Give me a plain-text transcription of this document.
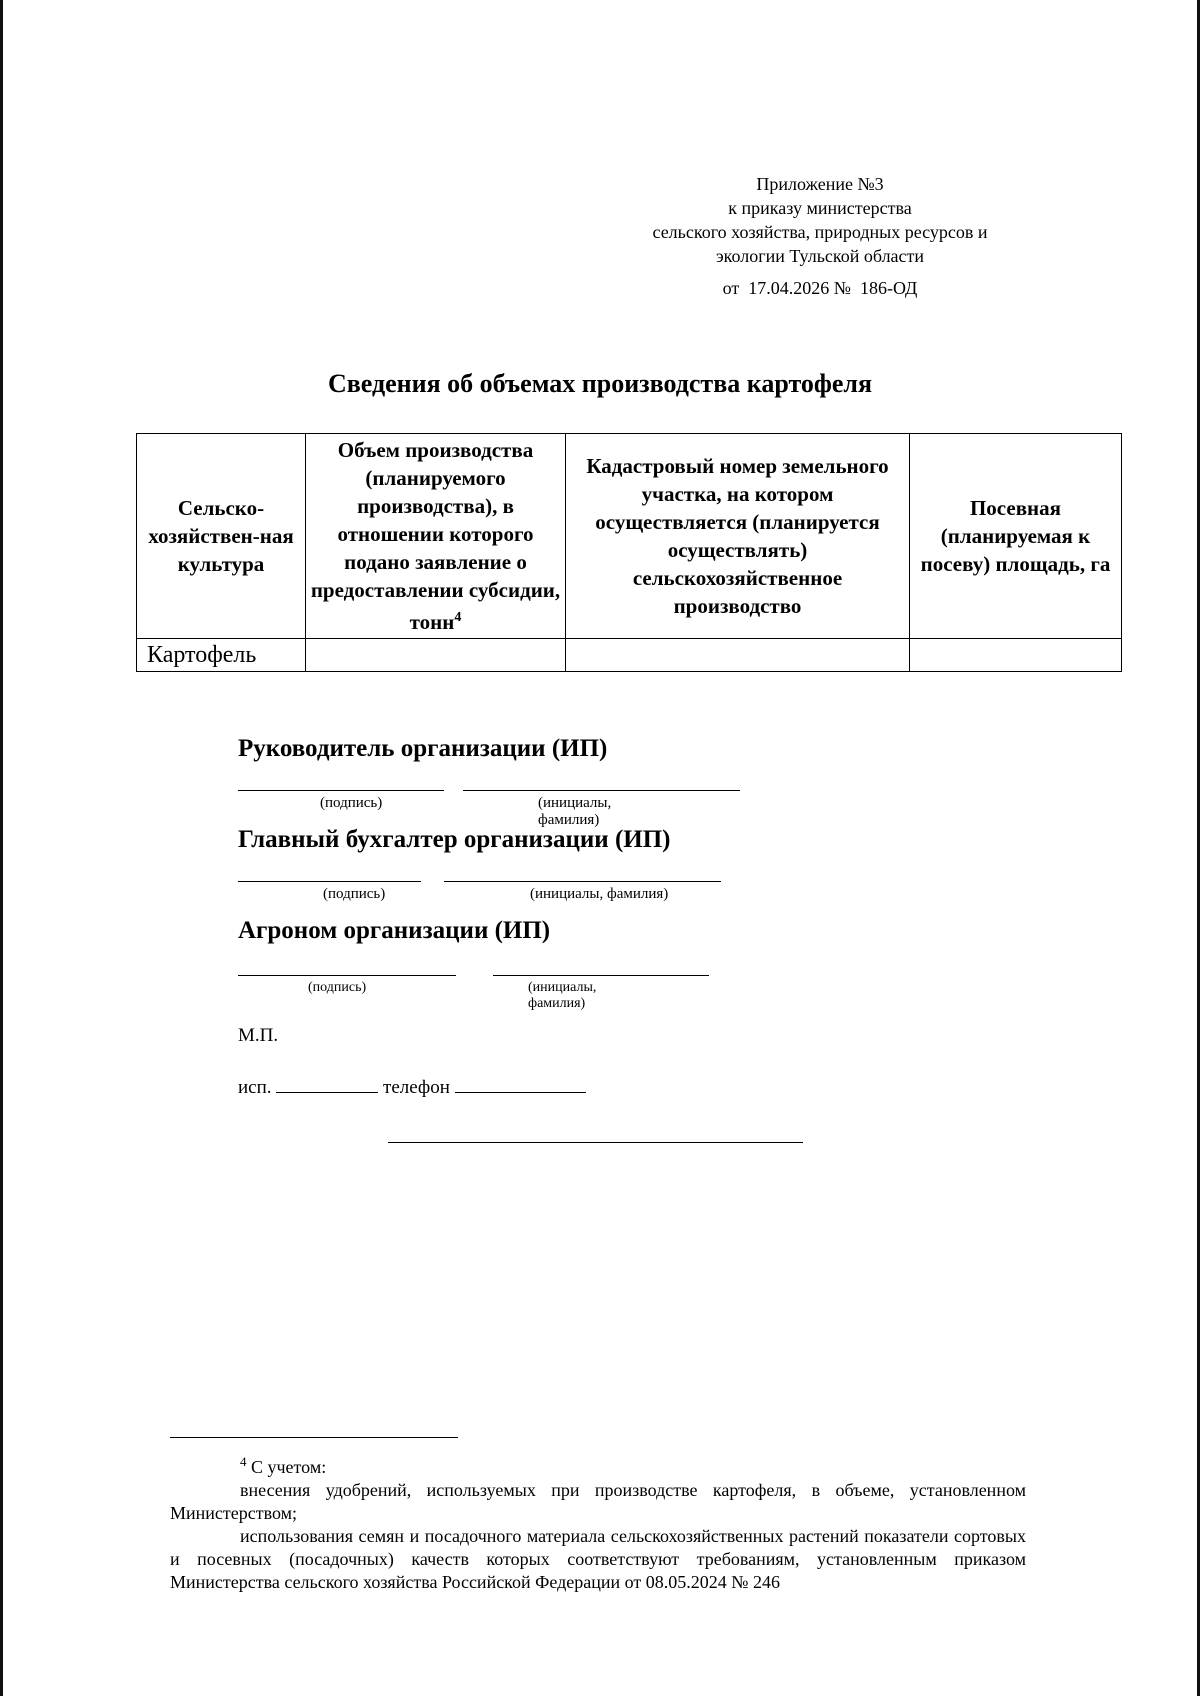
Приложение №3
к приказу министерства
сельского хозяйства, природных ресурсов и
экологии Тульской области
от  17.04.2026 №  186-ОД
Сведения об объемах производства картофеля
Сельско-хозяйствен-ная культура	Объем производства (планируемого производства), в отношении которого подано заявление о предоставлении субсидии, тонн$^4$	Кадастровый номер земельного участка, на котором осуществляется (планируется осуществлять) сельскохозяйственное производство	Посевная (планируемая к посеву) площадь, га
Картофель			
Руководитель организации (ИП)
(подпись)	(инициалы, фамилия)
Главный бухгалтер организации (ИП)
(подпись)	(инициалы, фамилия)
Агроном организации (ИП)
(подпись)	(инициалы, фамилия)
М.П.
исп.	телефон

$^4$ С учетом:

внесения удобрений, используемых при производстве картофеля, в объеме, установленном Министерством;

использования семян и посадочного материала сельскохозяйственных растений показатели сортовых и посевных (посадочных) качеств которых соответствуют требованиям, установленным приказом Министерства сельского хозяйства Российской Федерации от 08.05.2024 № 246
